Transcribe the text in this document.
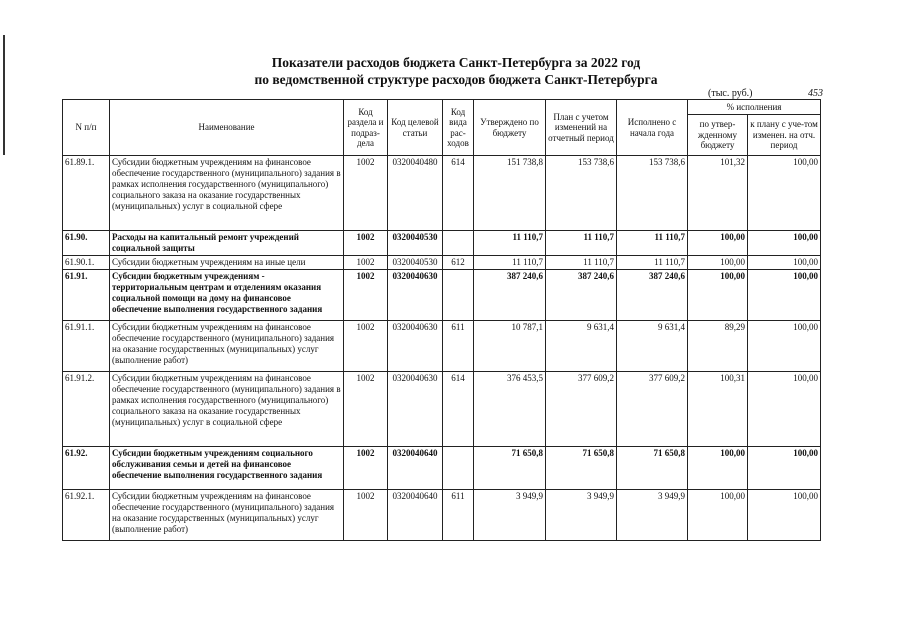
Показатели расходов бюджета Санкт-Петербурга за 2022 год
по ведомственной структуре расходов бюджета Санкт-Петербурга
(тыс. руб.)	453
N п/п	Наименование	Код раздела и подраз-дела	Код целевой статьи	Код вида рас-ходов	Утверждено по бюджету	План с учетом изменений на отчетный период	Исполнено с начала года	% исполнения	
								по утвер-жденному бюджету	к плану с уче-том изменен. на отч. период
61.89.1.	Субсидии бюджетным учреждениям на финансовое обеспечение государственного (муниципального) задания в рамках исполнения государственного (муниципального) социального заказа на оказание государственных (муниципальных) услуг в социальной сфере	1002	0320040480	614	151 738,8	153 738,6	153 738,6	101,32	100,00
61.90.	Расходы на капитальный ремонт учреждений социальной защиты	1002	0320040530		11 110,7	11 110,7	11 110,7	100,00	100,00
61.90.1.	Субсидии бюджетным учреждениям на иные цели	1002	0320040530	612	11 110,7	11 110,7	11 110,7	100,00	100,00
61.91.	Субсидии бюджетным учреждениям - территориальным центрам и отделениям оказания социальной помощи на дому на финансовое обеспечение выполнения государственного задания	1002	0320040630		387 240,6	387 240,6	387 240,6	100,00	100,00
61.91.1.	Субсидии бюджетным учреждениям на финансовое обеспечение государственного (муниципального) задания на оказание государственных (муниципальных) услуг (выполнение работ)	1002	0320040630	611	10 787,1	9 631,4	9 631,4	89,29	100,00
61.91.2.	Субсидии бюджетным учреждениям на финансовое обеспечение государственного (муниципального) задания в рамках исполнения государственного (муниципального) социального заказа на оказание государственных (муниципальных) услуг в социальной сфере	1002	0320040630	614	376 453,5	377 609,2	377 609,2	100,31	100,00
61.92.	Субсидии бюджетным учреждениям социального обслуживания семьи и детей на финансовое обеспечение выполнения государственного задания	1002	0320040640		71 650,8	71 650,8	71 650,8	100,00	100,00
61.92.1.	Субсидии бюджетным учреждениям на финансовое обеспечение государственного (муниципального) задания на оказание государственных (муниципальных) услуг (выполнение работ)	1002	0320040640	611	3 949,9	3 949,9	3 949,9	100,00	100,00
